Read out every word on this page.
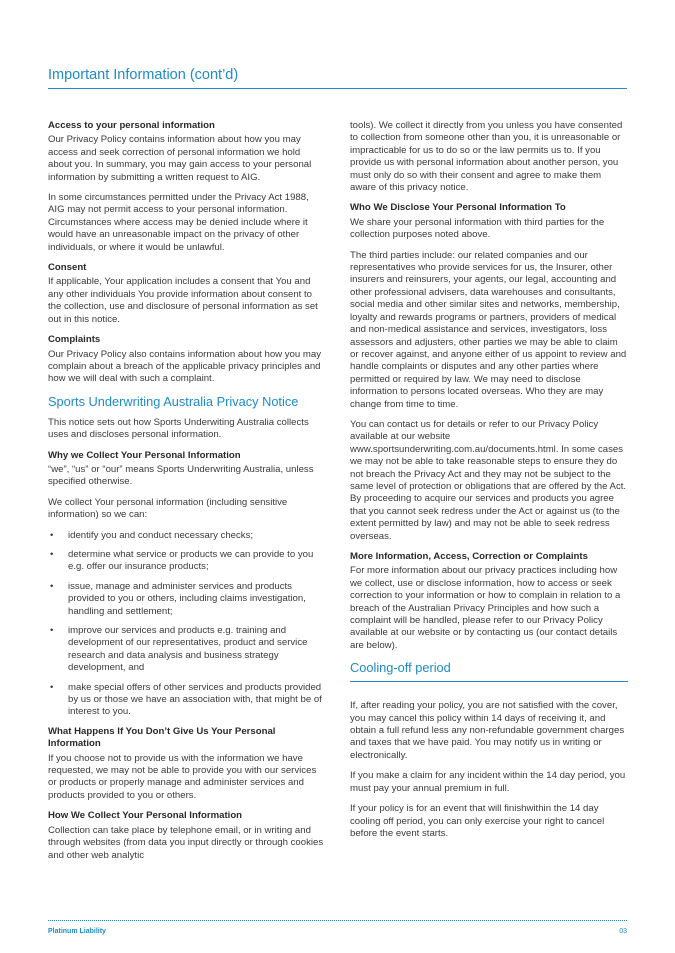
Important Information (cont’d)
Access to your personal information

Our Privacy Policy contains information about how you may access and seek correction of personal information we hold about you. In summary, you may gain access to your personal information by submitting a written request to AIG.

In some circumstances permitted under the Privacy Act 1988, AIG may not permit access to your personal information. Circumstances where access may be denied include where it would have an unreasonable impact on the privacy of other individuals, or where it would be unlawful.

Consent

If applicable, Your application includes a consent that You and any other individuals You provide information about consent to the collection, use and disclosure of personal information as set out in this notice.

Complaints

Our Privacy Policy also contains information about how you may complain about a breach of the applicable privacy principles and how we will deal with such a complaint.

Sports Underwriting Australia Privacy Notice

This notice sets out how Sports Underwiting Australia collects uses and discloses personal information.

Why we Collect Your Personal Information

“we”, “us” or “our” means Sports Underwriting Australia, unless specified otherwise.

We collect Your personal information (including sensitive information) so we can:

• identify you and conduct necessary checks;
• determine what service or products we can provide to you e.g. offer our insurance products;
• issue, manage and administer services and products provided to you or others, including claims investigation, handling and settlement;
• improve our services and products e.g. training and development of our representatives, product and service research and data analysis and business strategy development, and
• make special offers of other services and products provided by us or those we have an association with, that might be of interest to you.
What Happens If You Don’t Give Us Your Personal Information

If you choose not to provide us with the information we have requested, we may not be able to provide you with our services or products or properly manage and administer services and products provided to you or others.

How We Collect Your Personal Information

Collection can take place by telephone email, or in writing and through websites (from data you input directly or through cookies and other web analytic

tools). We collect it directly from you unless you have consented to collection from someone other than you, it is unreasonable or impracticable for us to do so or the law permits us to. If you provide us with personal information about another person, you must only do so with their consent and agree to make them aware of this privacy notice.

Who We Disclose Your Personal Information To

We share your personal information with third parties for the collection purposes noted above.

The third parties include: our related companies and our representatives who provide services for us, the Insurer, other insurers and reinsurers, your agents, our legal, accounting and other professional advisers, data warehouses and consultants, social media and other similar sites and networks, membership, loyalty and rewards programs or partners, providers of medical and non-medical assistance and services, investigators, loss assessors and adjusters, other parties we may be able to claim or recover against, and anyone either of us appoint to review and handle complaints or disputes and any other parties where permitted or required by law. We may need to disclose information to persons located overseas. Who they are may change from time to time.

You can contact us for details or refer to our Privacy Policy available at our website www.sportsunderwriting.com.au/documents.html. In some cases we may not be able to take reasonable steps to ensure they do not breach the Privacy Act and they may not be subject to the same level of protection or obligations that are offered by the Act. By proceeding to acquire our services and products you agree that you cannot seek redress under the Act or against us (to the extent permitted by law) and may not be able to seek redress overseas.

More Information, Access, Correction or Complaints

For more information about our privacy practices including how we collect, use or disclose information, how to access or seek correction to your information or how to complain in relation to a breach of the Australian Privacy Principles and how such a complaint will be handled, please refer to our Privacy Policy available at our website or by contacting us (our contact details are below).

Cooling-off period

If, after reading your policy, you are not satisfied with the cover, you may cancel this policy within 14 days of receiving it, and obtain a full refund less any non-refundable government charges and taxes that we have paid. You may notify us in writing or electronically.

If you make a claim for any incident within the 14 day period, you must pay your annual premium in full.

If your policy is for an event that will finishwithin the 14 day cooling off period, you can only exercise your right to cancel before the event starts.

Platinum Liability	03
